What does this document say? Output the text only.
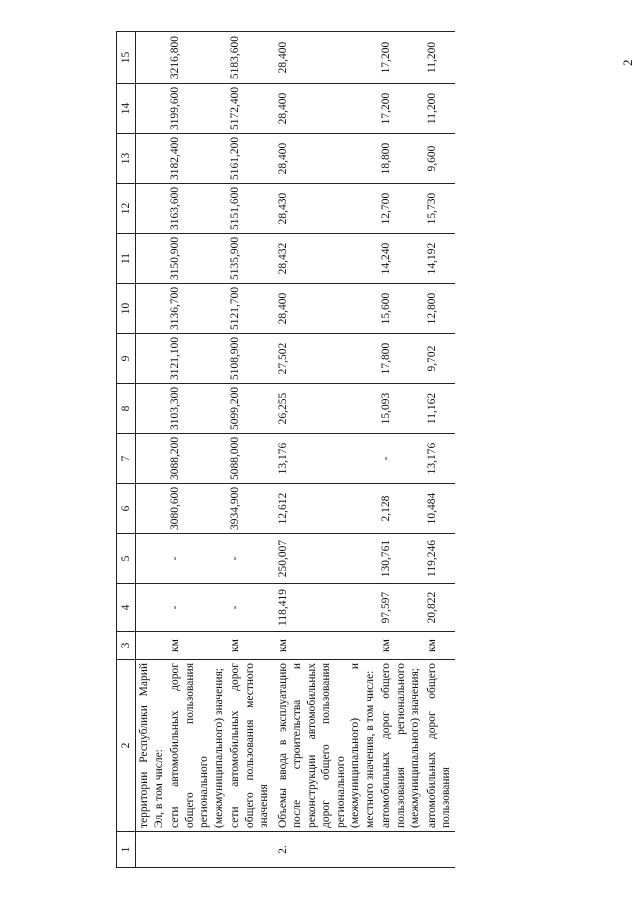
2
1	2	3	4	5	6	7	8	9	10	11	12	13	14	15
	территории Республики Марий Эл, в том числе:													
	сети автомобильных дорог общего пользования регионального (межмуниципального) значения;	км	-	-	3080,600	3088,200	3103,300	3121,100	3136,700	3150,900	3163,600	3182,400	3199,600	3216,800
	сети автомобильных дорог общего пользования местного значения	км	-	-	3934,900	5088,000	5099,200	5108,900	5121,700	5135,900	5151,600	5161,200	5172,400	5183,600
2.	Объемы ввода в эксплуатацию после строительства и реконструкции автомобильных дорог общего пользования регионального (межмуниципального) и местного значения, в том числе:	км	118,419	250,007	12,612	13,176	26,255	27,502	28,400	28,432	28,430	28,400	28,400	28,400
	автомобильных дорог общего пользования регионального (межмуниципального) значения;	км	97,597	130,761	2,128	-	15,093	17,800	15,600	14,240	12,700	18,800	17,200	17,200
	автомобильных дорог общего пользования	км	20,822	119,246	10,484	13,176	11,162	9,702	12,800	14,192	15,730	9,600	11,200	11,200
